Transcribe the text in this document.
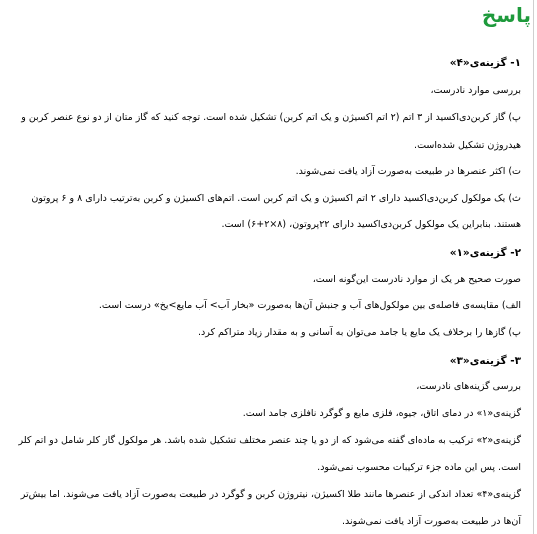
پاسخ
۱- گزینه‌ی«۴»
بررسی موارد نادرست،
پ) گاز کربن‌دی‌اکسید از ۳ اتم (۲ اتم اکسیژن و یک اتم کربن) تشکیل شده است. توجه کنید که گاز متان از دو نوع عنصر کربن و
هیدروژن تشکیل شده‌است.
ت) اکثر عنصرها در طبیعت به‌صورت آزاد یافت نمی‌شوند.
ث) یک مولکول کربن‌دی‌اکسید دارای ۲ اتم اکسیژن و یک اتم کربن است. اتم‌های اکسیژن و کربن به‌ترتیب دارای ۸ و ۶ پروتون
هستند. بنابراین یک مولکول کربن‌دی‌اکسید دارای ۲۲پروتون، (۸×۲+۶) است.
۲- گزینه‌ی«۱»
صورت صحیح هر یک از موارد نادرست این‌گونه است،
الف) مقایسه‌ی فاصله‌ی بین مولکول‌های آب و جنبش آن‌ها به‌صورت «بخار آب> آب مایع>یخ» درست است.
پ) گازها را برخلاف یک مایع یا جامد می‌توان به آسانی و به مقدار زیاد متراکم کرد.
۳- گزینه‌ی«۳»
بررسی گزینه‌های نادرست،
گزینه‌ی«۱» در دمای اتاق، جیوه، فلزی مایع و گوگرد نافلزی جامد است.
گزینه‌ی«۲» ترکیب به ماده‌ای گفته می‌شود که از دو یا چند عنصر مختلف تشکیل شده باشد. هر مولکول گاز کلر شامل دو اتم کلر
است. پس این ماده جزء ترکیبات محسوب نمی‌شود.
گزینه‌ی«۴» تعداد اندکی از عنصرها مانند طلا اکسیژن، نیتروژن کربن و گوگرد در طبیعت به‌صورت آزاد یافت می‌شوند. اما بیش‌تر
آن‌ها در طبیعت به‌صورت آزاد یافت نمی‌شوند.
